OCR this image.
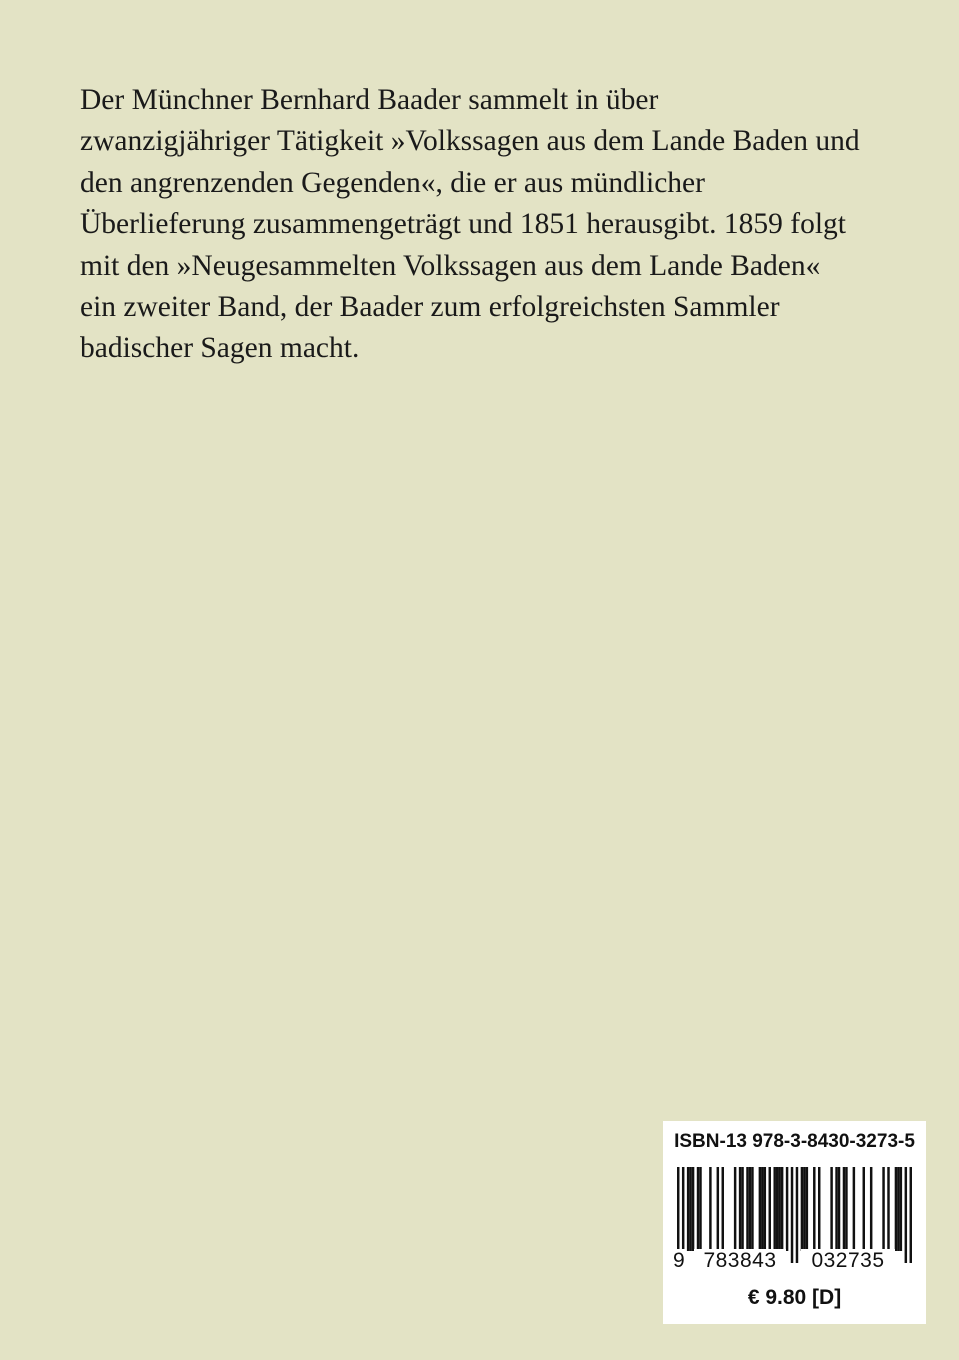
Der Münchner Bernhard Baader sammelt in über
zwanzigjähriger Tätigkeit »Volkssagen aus dem Lande Baden und
den angrenzenden Gegenden«, die er aus mündlicher
Überlieferung zusammengeträgt und 1851 herausgibt. 1859 folgt
mit den »Neugesammelten Volkssagen aus dem Lande Baden«
ein zweiter Band, der Baader zum erfolgreichsten Sammler
badischer Sagen macht.
ISBN-13 978-3-8430-3273-5
9 783843	032735
€ 9.80 [D]
